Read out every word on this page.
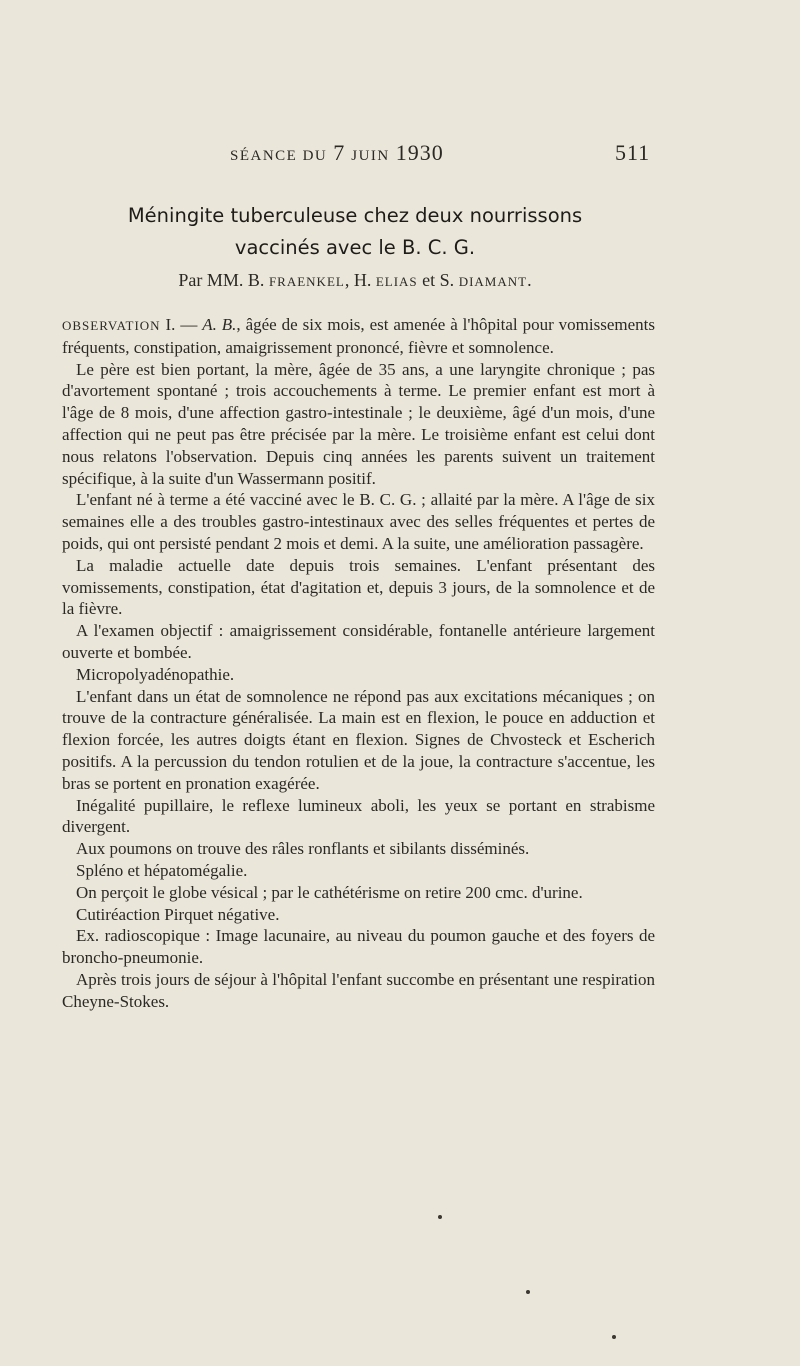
SÉANCE DU 7 JUIN 1930	511
Méningite tuberculeuse chez deux nourrissons
vaccinés avec le B. C. G.
Par MM. B. FRAENKEL, H. ELIAS et S. DIAMANT.

OBSERVATION I. — A. B., âgée de six mois, est amenée à l'hôpital pour vomissements fréquents, constipation, amaigrissement prononcé, fièvre et somnolence.

Le père est bien portant, la mère, âgée de 35 ans, a une laryngite chronique ; pas d'avortement spontané ; trois accouchements à terme. Le premier enfant est mort à l'âge de 8 mois, d'une affection gastro-intestinale ; le deuxième, âgé d'un mois, d'une affection qui ne peut pas être précisée par la mère. Le troisième enfant est celui dont nous relatons l'observation. Depuis cinq années les parents suivent un traitement spécifique, à la suite d'un Wassermann positif.

L'enfant né à terme a été vacciné avec le B. C. G. ; allaité par la mère. A l'âge de six semaines elle a des troubles gastro-intestinaux avec des selles fréquentes et pertes de poids, qui ont persisté pendant 2 mois et demi. A la suite, une amélioration passagère.

La maladie actuelle date depuis trois semaines. L'enfant présentant des vomissements, constipation, état d'agitation et, depuis 3 jours, de la somnolence et de la fièvre.

A l'examen objectif : amaigrissement considérable, fontanelle antérieure largement ouverte et bombée.

Micropolyadénopathie.

L'enfant dans un état de somnolence ne répond pas aux excitations mécaniques ; on trouve de la contracture généralisée. La main est en flexion, le pouce en adduction et flexion forcée, les autres doigts étant en flexion. Signes de Chvosteck et Escherich positifs. A la percussion du tendon rotulien et de la joue, la contracture s'accentue, les bras se portent en pronation exagérée.

Inégalité pupillaire, le reflexe lumineux aboli, les yeux se portant en strabisme divergent.

Aux poumons on trouve des râles ronflants et sibilants disséminés.

Spléno et hépatomégalie.

On perçoit le globe vésical ; par le cathétérisme on retire 200 cmc. d'urine.

Cutiréaction Pirquet négative.

Ex. radioscopique : Image lacunaire, au niveau du poumon gauche et des foyers de broncho-pneumonie.

Après trois jours de séjour à l'hôpital l'enfant succombe en présentant une respiration Cheyne-Stokes.
